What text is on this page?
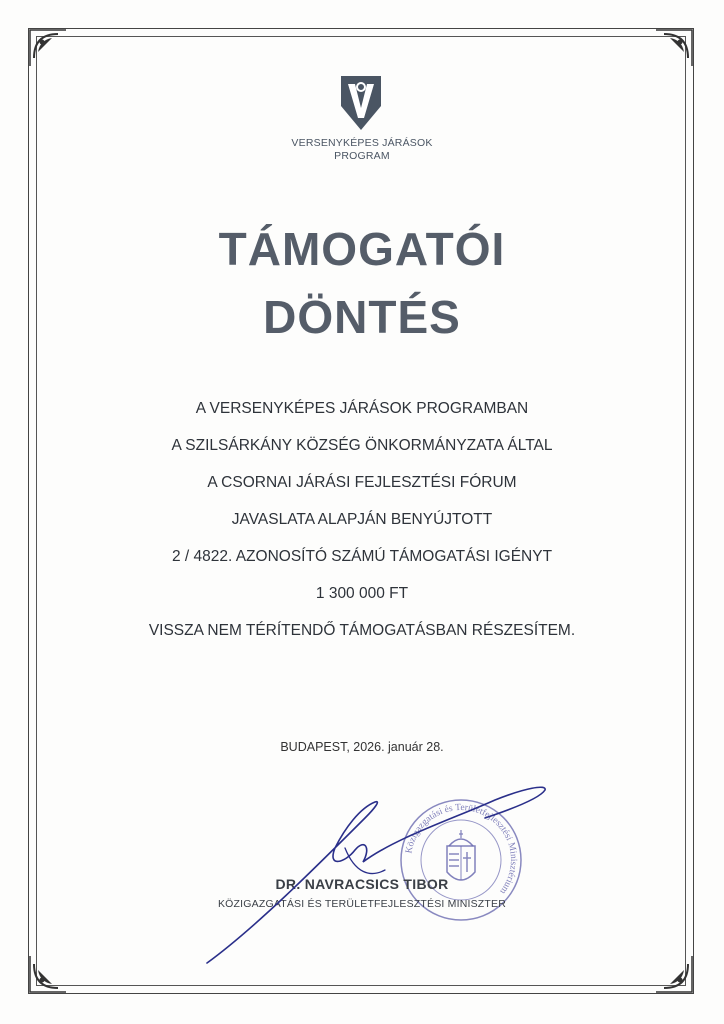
VERSENYKÉPES JÁRÁSOK
PROGRAM
TÁMOGATÓI
DÖNTÉS
A VERSENYKÉPES JÁRÁSOK PROGRAMBAN
A SZILSÁRKÁNY KÖZSÉG ÖNKORMÁNYZATA ÁLTAL
A CSORNAI JÁRÁSI FEJLESZTÉSI FÓRUM
JAVASLATA ALAPJÁN BENYÚJTOTT
2 / 4822. AZONOSÍTÓ SZÁMÚ TÁMOGATÁSI IGÉNYT
1 300 000 FT
VISSZA NEM TÉRÍTENDŐ TÁMOGATÁSBAN RÉSZESÍTEM.
BUDAPEST, 2026. január 28.
Közigazgatási és Területfejlesztési Minisztérium
DR. NAVRACSICS TIBOR
KÖZIGAZGATÁSI ÉS TERÜLETFEJLESZTÉSI MINISZTER
